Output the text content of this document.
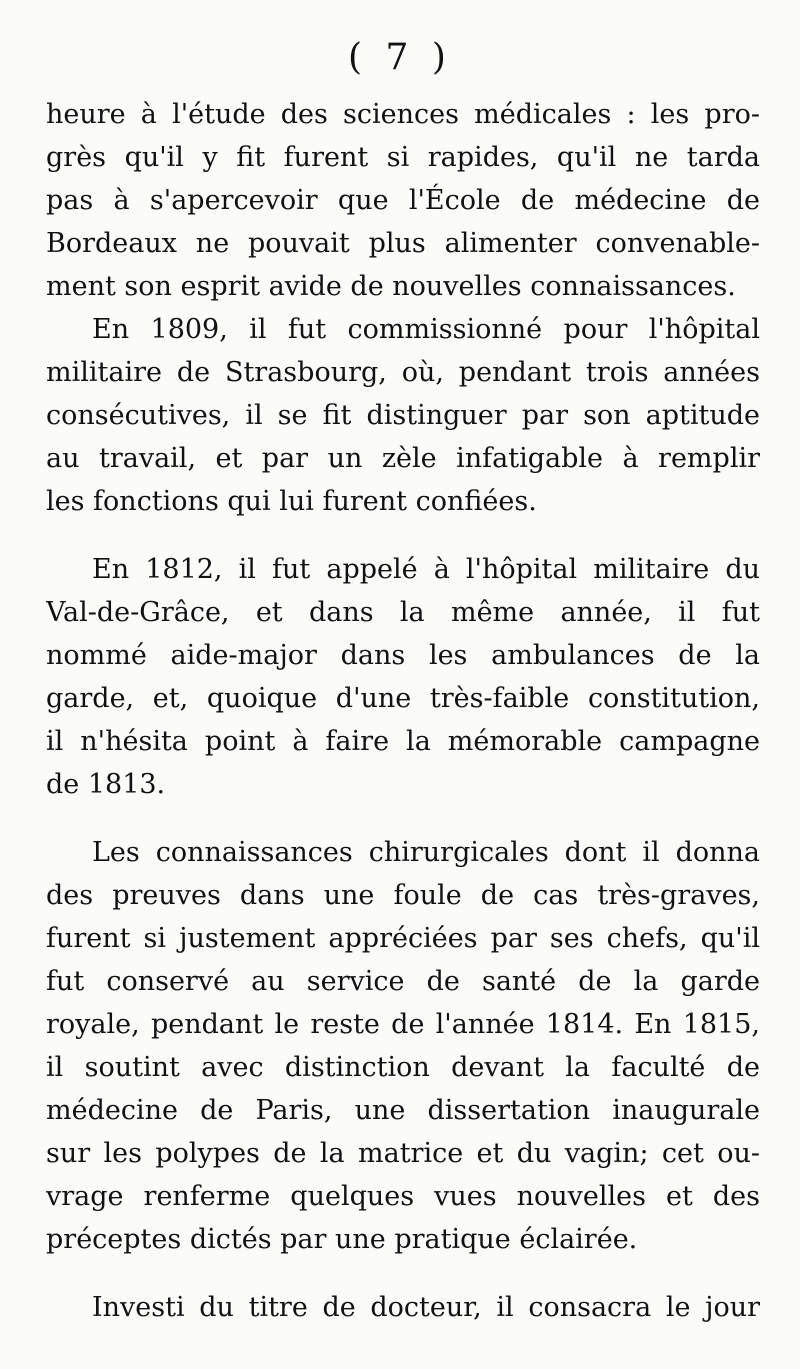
( 7 )
heure à l'étude des sciences médicales : les pro-
grès qu'il y fit furent si rapides, qu'il ne tarda
pas à s'apercevoir que l'École de médecine de
Bordeaux ne pouvait plus alimenter convenable-
ment son esprit avide de nouvelles connaissances.
En 1809, il fut commissionné pour l'hôpital
militaire de Strasbourg, où, pendant trois années
consécutives, il se fit distinguer par son aptitude
au travail, et par un zèle infatigable à remplir
les fonctions qui lui furent confiées.
En 1812, il fut appelé à l'hôpital militaire du
Val-de-Grâce, et dans la même année, il fut
nommé aide-major dans les ambulances de la
garde, et, quoique d'une très-faible constitution,
il n'hésita point à faire la mémorable campagne
de 1813.
Les connaissances chirurgicales dont il donna
des preuves dans une foule de cas très-graves,
furent si justement appréciées par ses chefs, qu'il
fut conservé au service de santé de la garde
royale, pendant le reste de l'année 1814. En 1815,
il soutint avec distinction devant la faculté de
médecine de Paris, une dissertation inaugurale
sur les polypes de la matrice et du vagin; cet ou-
vrage renferme quelques vues nouvelles et des
préceptes dictés par une pratique éclairée.
Investi du titre de docteur, il consacra le jour
